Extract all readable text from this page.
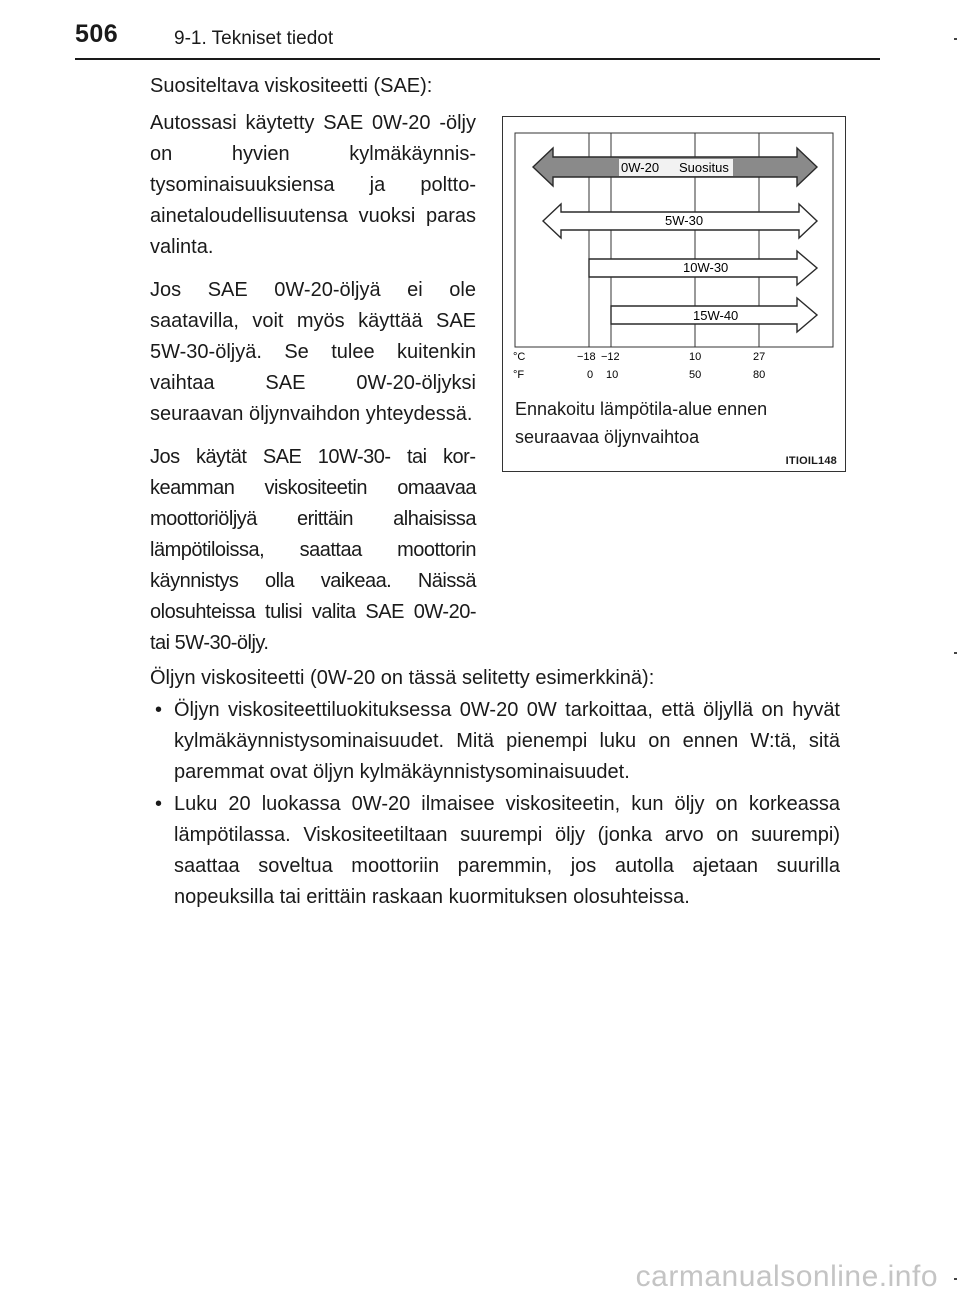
506	9-1. Tekniset tiedot
Suositeltava viskositeetti (SAE):

Autossasi käytetty SAE 0W-20 -öljy on hyvien kylmäkäynnistysominaisuuksiensa ja polttoainetaloudellisuutensa vuoksi paras valinta.

Jos SAE 0W-20-öljyä ei ole saatavilla, voit myös käyttää SAE 5W-30-öljyä. Se tulee kuitenkin vaihtaa SAE 0W-20-öljyksi seuraavan öljynvaihdon yhteydessä.

Jos käytät SAE 10W-30- tai korkeamman viskositeetin omaavaa moottoriöljyä erittäin alhaisissa lämpötiloissa, saattaa moottorin käynnistys olla vaikeaa. Näissä olosuhteissa tulisi valita SAE 0W-20- tai 5W-30-öljy.

0W-20 Suositus
5W-30
10W-30
15W-40
°C
°F
−18 −12	10	27
0 10	50	80
Ennakoitu lämpötila-alue ennen seuraavaa öljynvaihtoa
ITIOIL148

Öljyn viskositeetti (0W-20 on tässä selitetty esimerkkinä):

• Öljyn viskositeettiluokituksessa 0W-20 0W tarkoittaa, että öljyllä on hyvät kylmäkäynnistysominaisuudet. Mitä pienempi luku on ennen W:tä, sitä paremmat ovat öljyn kylmäkäynnistysominaisuudet.
• Luku 20 luokassa 0W-20 ilmaisee viskositeetin, kun öljy on korkeassa lämpötilassa. Viskositeetiltaan suurempi öljy (jonka arvo on suurempi) saattaa soveltua moottoriin paremmin, jos autolla ajetaan suurilla nopeuksilla tai erittäin raskaan kuormituksen olosuhteissa.
carmanualsonline.info
